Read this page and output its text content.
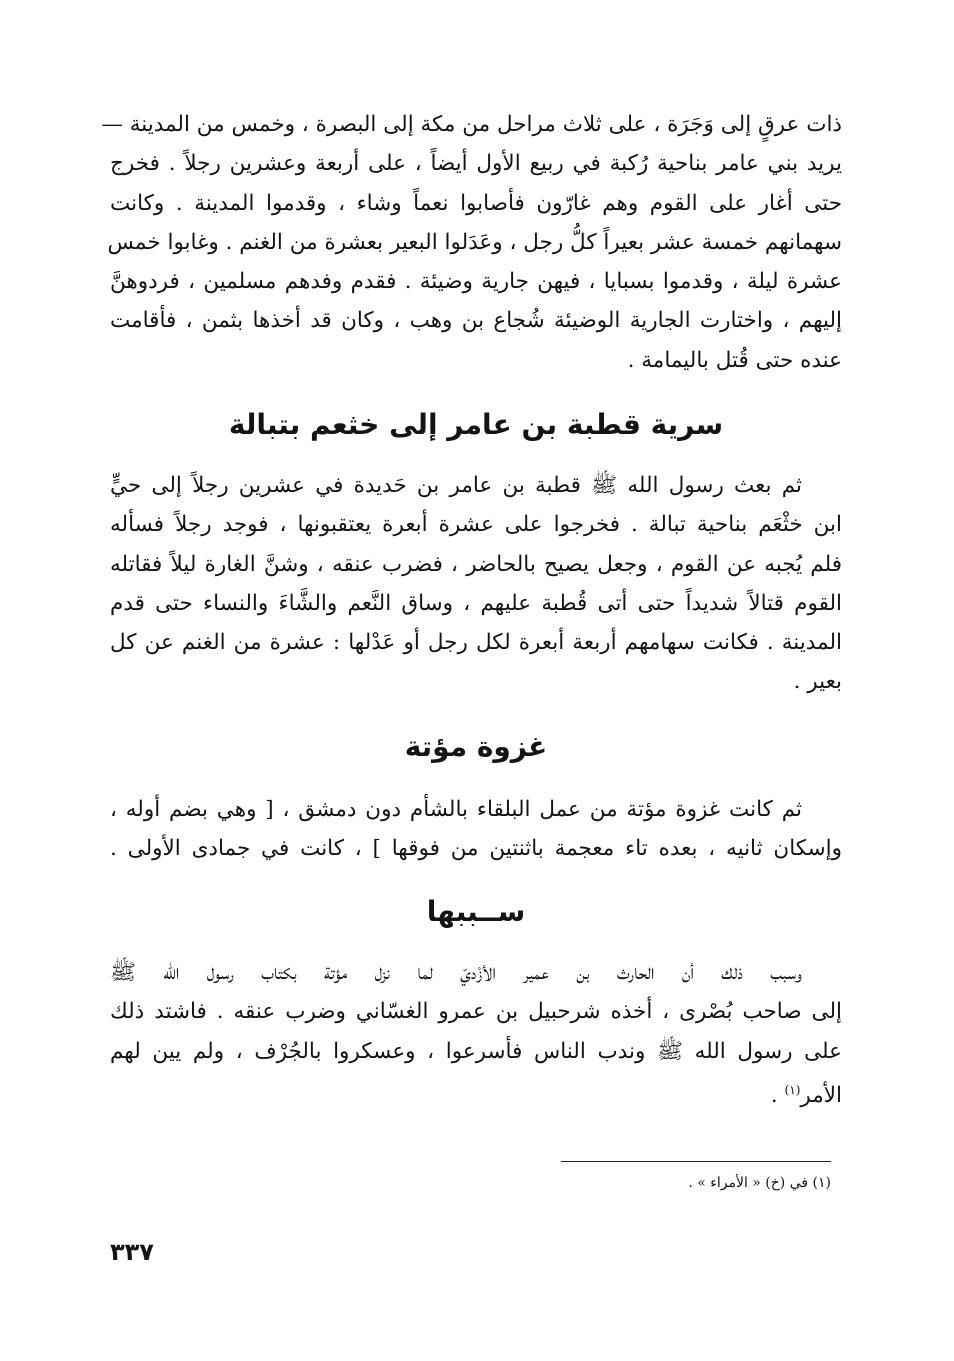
ذات عرقٍ إلى وَجَرَة ، على ثلاث مراحل من مكة إلى البصرة ، وخمس من المدينة —
يريد بني عامر بناحية رُكبة في ربيع الأول أيضاً ، على أربعة وعشرين رجلاً . فخرج
حتى أغار على القوم وهم غارّون فأصابوا نعماً وشاء ، وقدموا المدينة . وكانت
سهمانهم خمسة عشر بعيراً كلُّ رجل ، وعَدَلوا البعير بعشرة من الغنم . وغابوا خمس
عشرة ليلة ، وقدموا بسبايا ، فيهن جارية وضيئة . فقدم وفدهم مسلمين ، فردوهنَّ
إليهم ، واختارت الجارية الوضيئة شُجاع بن وهب ، وكان قد أخذها بثمن ، فأقامت
عنده حتى قُتل باليمامة .
سرية قطبة بن عامر إلى خثعم بتبالة
ثم بعث رسول الله ﷺ قطبة بن عامر بن حَديدة في عشرين رجلاً إلى حيٍّ
ابن خثْعَم بناحية تبالة . فخرجوا على عشرة أبعرة يعتقبونها ، فوجد رجلاً فسأله
فلم يُجبه عن القوم ، وجعل يصيح بالحاضر ، فضرب عنقه ، وشنَّ الغارة ليلاً فقاتله
القوم قتالاً شديداً حتى أتى قُطبة عليهم ، وساق النَّعم والشَّاءَ والنساء حتى قدم
المدينة . فكانت سهامهم أربعة أبعرة لكل رجل أو عَدْلها : عشرة من الغنم عن كل
بعير .
غزوة مؤتة
ثم كانت غزوة مؤتة من عمل البلقاء بالشأم دون دمشق ، [ وهي بضم أوله ،
وإسكان ثانيه ، بعده تاء معجمة باثنتين من فوقها ] ، كانت في جمادى الأولى .
ســببها
وسبب ذلك أن الحارث بن عمير الأزْديّ لما نزل مؤتة بكتاب رسول الله ﷺ
إلى صاحب بُصْرى ، أخذه شرحبيل بن عمرو الغسّاني وضرب عنقه . فاشتد ذلك
على رسول الله ﷺ وندب الناس فأسرعوا ، وعسكروا بالجُرْف ، ولم يين لهم
الأمر$^{(١)}$ .
(١) في (خ) « الأمراء » .
٣٣٧
